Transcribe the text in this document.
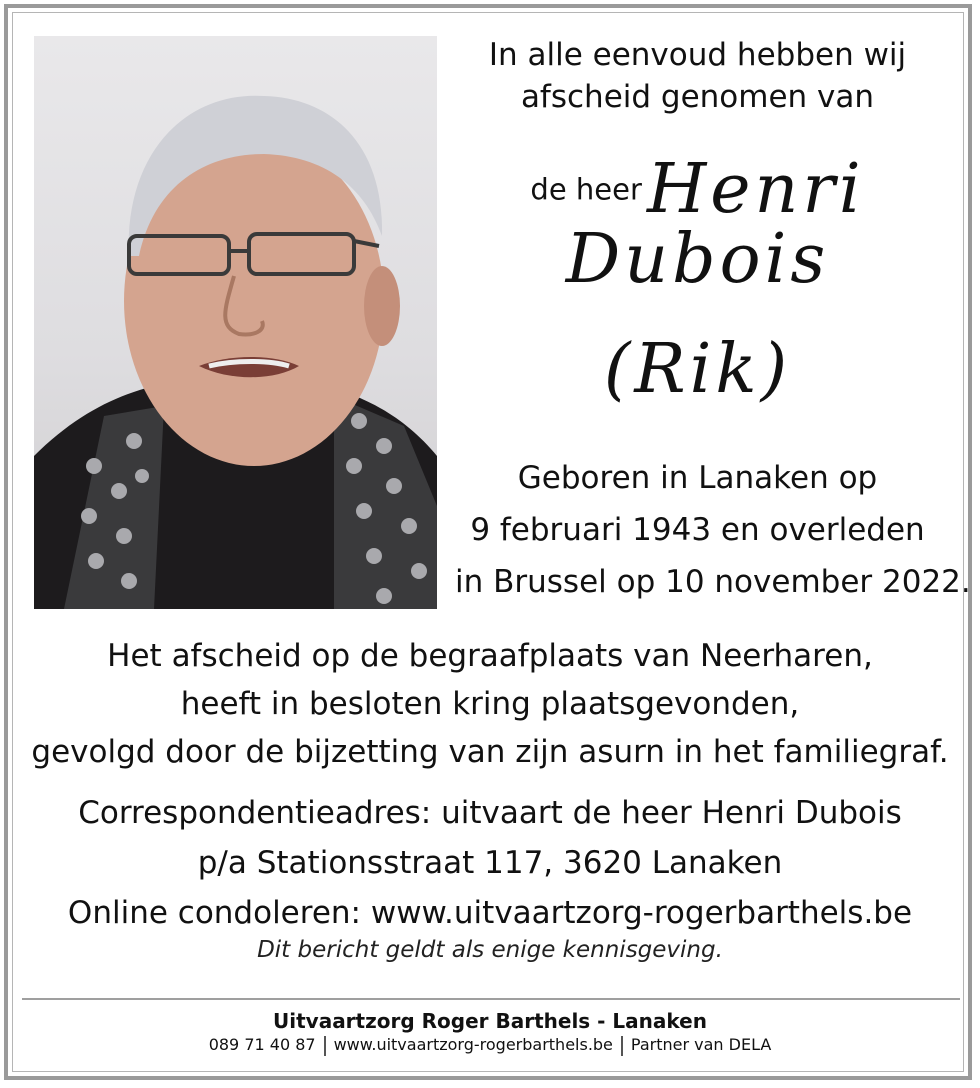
In alle eenvoud hebben wij
afscheid genomen van
de heer Henri
Dubois
(Rik)
Geboren in Lanaken op
9 februari 1943 en overleden
in Brussel op 10 november 2022.
Het afscheid op de begraafplaats van Neerharen,
heeft in besloten kring plaatsgevonden,
gevolgd door de bijzetting van zijn asurn in het familiegraf.
Correspondentieadres: uitvaart de heer Henri Dubois
p/a Stationsstraat 117, 3620 Lanaken
Online condoleren: www.uitvaartzorg-rogerbarthels.be
Dit bericht geldt als enige kennisgeving.
Uitvaartzorg Roger Barthels - Lanaken
089 71 40 87 www.uitvaartzorg-rogerbarthels.be Partner van DELA
